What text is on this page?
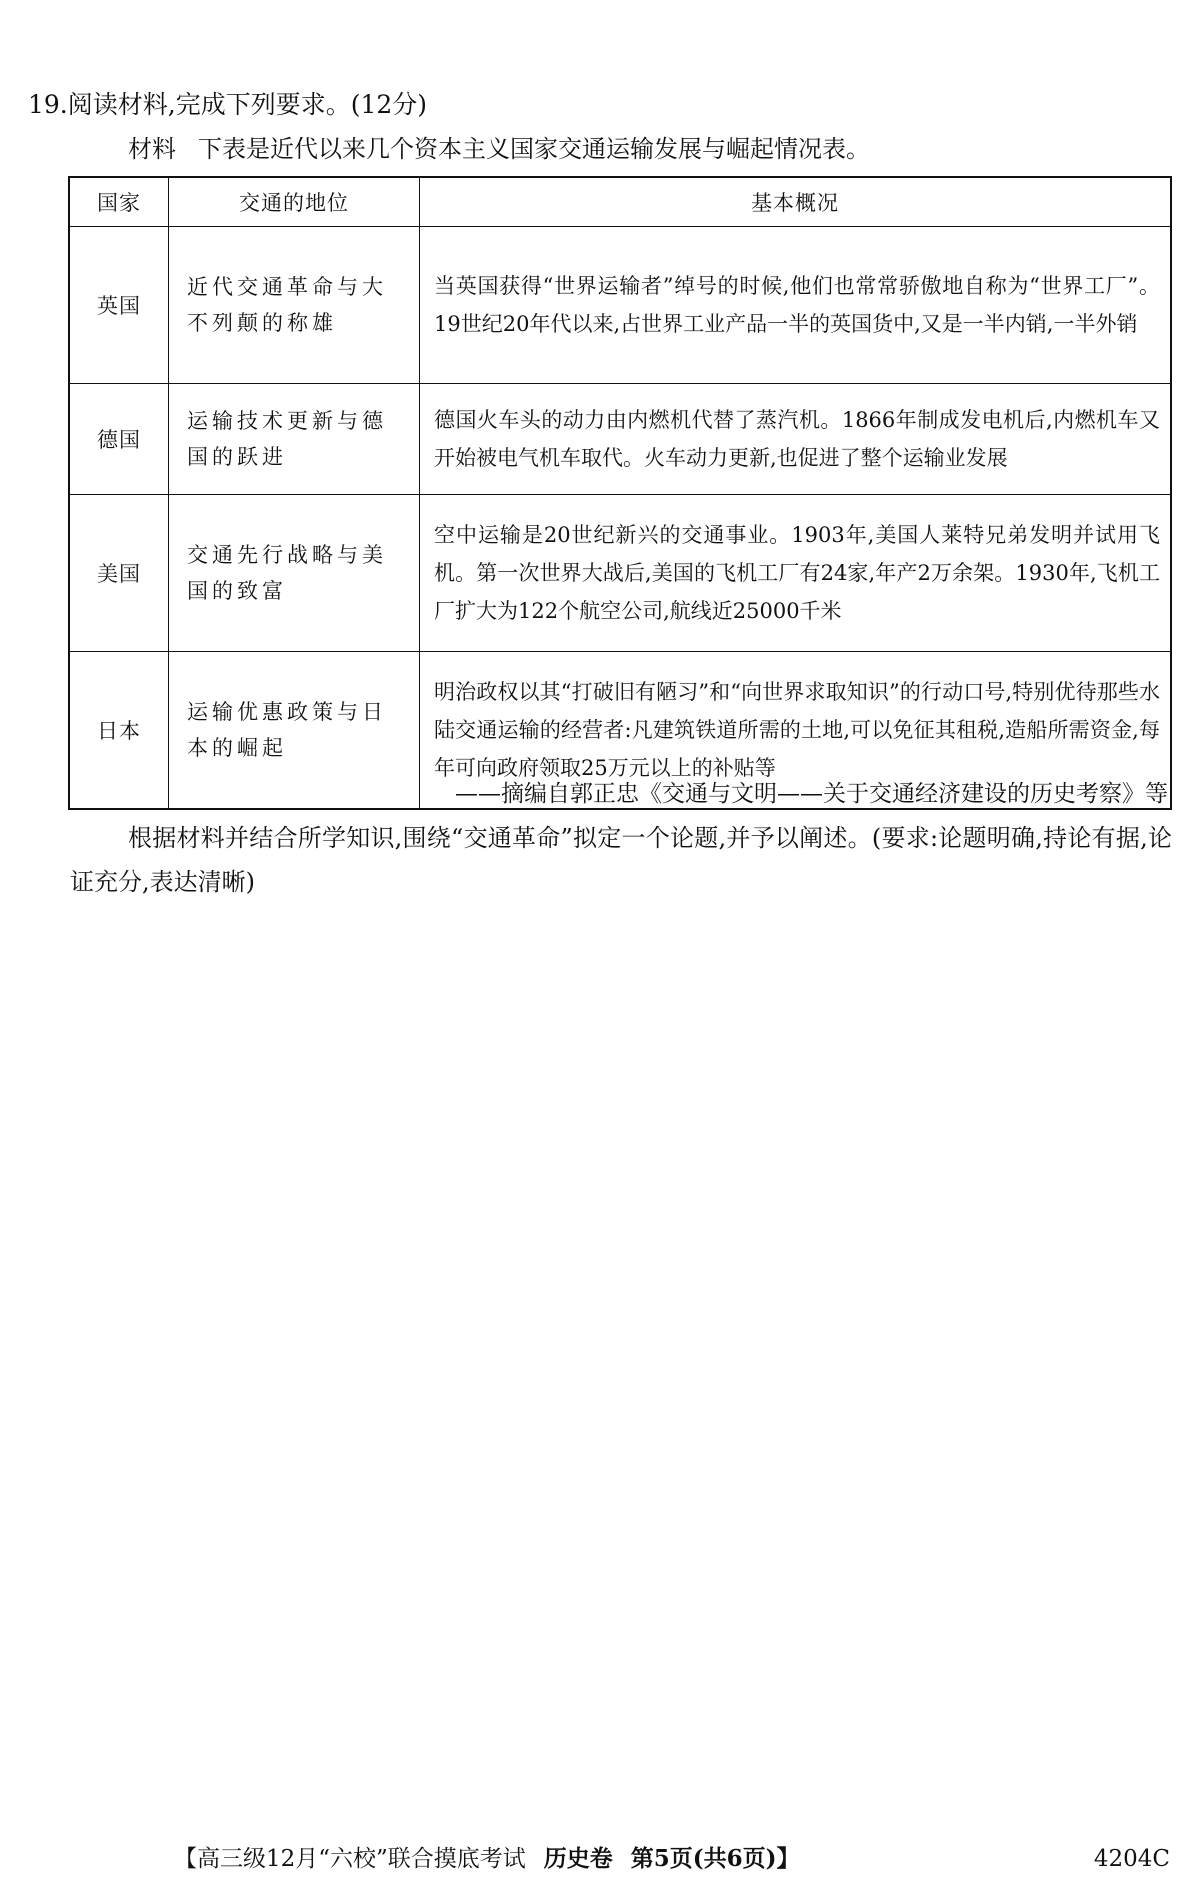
19.阅读材料,完成下列要求。(12分)
材料 下表是近代以来几个资本主义国家交通运输发展与崛起情况表。
国家	交通的地位	基本概况
英国	近代交通革命与大不列颠的称雄	当英国获得“世界运输者”绰号的时候,他们也常常骄傲地自称为“世界工厂”。19世纪20年代以来,占世界工业产品一半的英国货中,又是一半内销,一半外销
德国	运输技术更新与德国的跃进	德国火车头的动力由内燃机代替了蒸汽机。1866年制成发电机后,内燃机车又开始被电气机车取代。火车动力更新,也促进了整个运输业发展
美国	交通先行战略与美国的致富	空中运输是20世纪新兴的交通事业。1903年,美国人莱特兄弟发明并试用飞机。第一次世界大战后,美国的飞机工厂有24家,年产2万余架。1930年,飞机工厂扩大为122个航空公司,航线近25000千米
日本	运输优惠政策与日本的崛起	明治政权以其“打破旧有陋习”和“向世界求取知识”的行动口号,特别优待那些水陆交通运输的经营者:凡建筑铁道所需的土地,可以免征其租税,造船所需资金,每年可向政府领取25万元以上的补贴等
——摘编自郭正忠《交通与文明——关于交通经济建设的历史考察》等
根据材料并结合所学知识,围绕“交通革命”拟定一个论题,并予以阐述。(要求:论题明确,持论有据,论证充分,表达清晰)
【高三级12月“六校”联合摸底考试 历史卷 第5页(共6页)】	4204C
